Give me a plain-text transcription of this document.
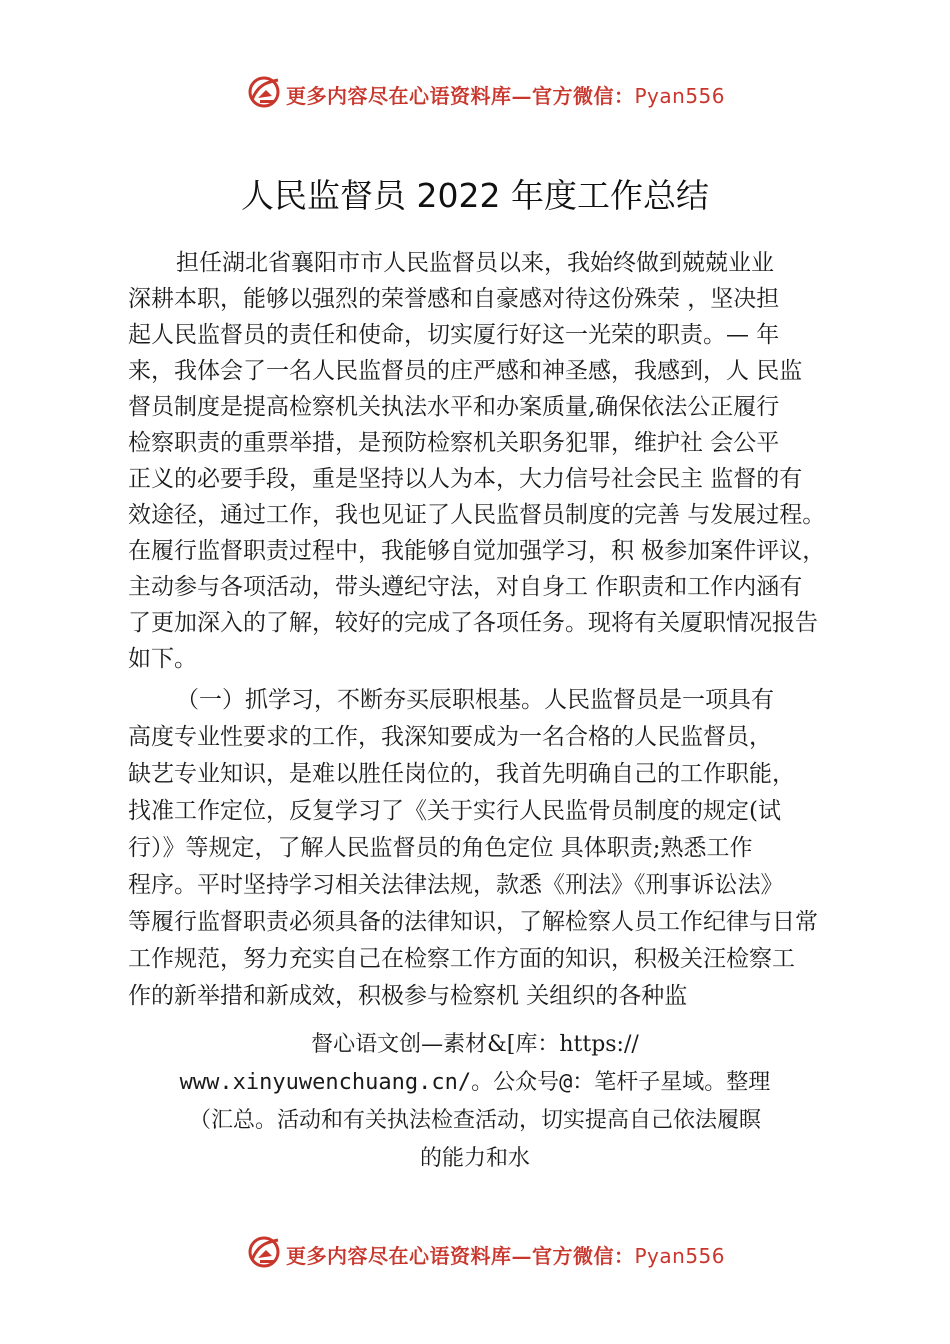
更多内容尽在心语资料库—官方微信：Pyan556
人民监督员 2022 年度工作总结
担任湖北省襄阳市市人民监督员以来，我始终做到兢兢业业
深耕本职，能够以强烈的荣誉感和自豪感对待这份殊荣 ，坚决担
起人民监督员的责任和使命，切实厦行好这一光荣的职责。— 年
来，我体会了一名人民监督员的庄严感和神圣感，我感到，人 民监
督员制度是提高检察机关执法水平和办案质量,确保依法公正履行
检察职责的重票举措，是预防检察机关职务犯罪，维护社 会公平
正义的必要手段，重是坚持以人为本，大力信号社会民主 监督的有
效途径，通过工作，我也见证了人民监督员制度的完善 与发展过程。
在履行监督职责过程中，我能够自觉加强学习，积 极参加案件评议，
主动参与各项活动，带头遵纪守法，对自身工 作职责和工作内涵有
了更加深入的了解，较好的完成了各项任务。现将有关厦职情况报告
如下。
（一）抓学习，不断夯买辰职根基。人民监督员是一项具有
高度专业性要求的工作，我深知要成为一名合格的人民监督员，
缺艺专业知识，是难以胜任岗位的，我首先明确自己的工作职能，
找准工作定位，反复学习了《关于实行人民监骨员制度的规定(试
行）》等规定，了解人民监督员的角色定位 具体职责;熟悉工作
程序。平时坚持学习相关法律法规，款悉《刑法》《刑事诉讼法》
等履行监督职责必须具备的法律知识，了解检察人员工作纪律与日常
工作规范，努力充实自己在检察工作方面的知识，积极关汪检察工
作的新举措和新成效，积极参与检察机 关组织的各种监
督心语文创—素材&[库：https://
www.xinyuwenchuang.cn/。公众号@：笔杆子星域。整理
（汇总。活动和有关执法检查活动，切实提高自己依法履瞑
的能力和水
更多内容尽在心语资料库—官方微信：Pyan556
